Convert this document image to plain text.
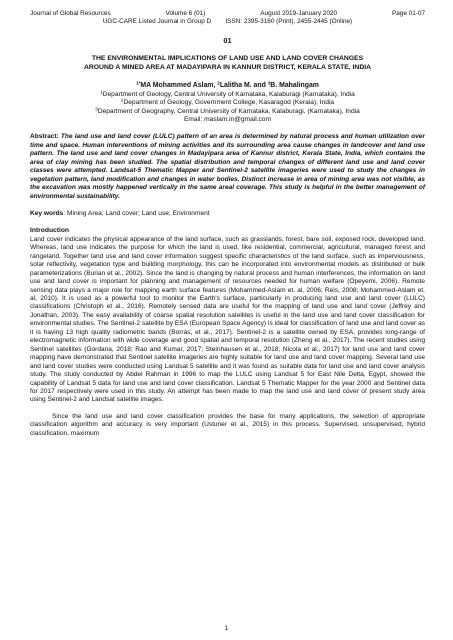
Journal of Global Resources	Volume 6 (01)	August 2019-January 2020	Page 01-07
UGC-CARE Listed Journal in Group D ISSN: 2395-3160 (Print), 2455-2445 (Online)
01
THE ENVIRONMENTAL IMPLICATIONS OF LAND USE AND LAND COVER CHANGES
AROUND A MINED AREA AT MADAYIPARA IN KANNUR DISTRICT, KERALA STATE, INDIA
$^{1*}$MA Mohammed Aslam, $^2$Lalitha M. and $^3$B. Mahalingam
$^1$Department of Geology, Central University of Karnataka, Kalaburagi (Karnataka), India
$^2$Department of Geology, Government College, Kasaragod (Kerala), India
$^3$Department of Geography, Central University of Karnataka, Kalaburagi, (Karnataka), India
Email: maslam.in@gmail.com
Abstract: The land use and land cover (LULC) pattern of an area is determined by natural process and human utilization over time and space. Human interventions of mining activities and its surrounding area cause changes in landcover and land use pattern. The land use and land cover changes in Madayipara area of Kannur district, Kerala State, India, which contains the area of clay mining has been studied. The spatial distribution and temporal changes of different land use and land cover classes were attempted. Landsat-5 Thematic Mapper and Sentinel-2 satellite imageries were used to study the changes in vegetation pattern, land modification and changes in water bodies. Distinct increase in area of mining area was not visible, as the excavation was mostly happened vertically in the same areal coverage. This study is helpful in the better management of environmental sustainability.
Key words: Mining Area; Land cover; Land use; Environment
Introduction
Land cover indicates the physical appearance of the land surface, such as grasslands, forest, bare soil, exposed rock, developed land. Whereas, land use indicates the purpose for which the land is used, like residential, commercial, agricultural, managed forest and rangeland. Together land use and land cover information suggest specific characteristics of the land surface, such as imperviousness, solar reflectivity, vegetation type and building morphology, this can be incorporated into environmental models as distributed or bulk parameterizations (Burian et al., 2002). Since the land is changing by natural process and human interferences, the information on land use and land cover is important for planning and management of resources needed for human welfare (Opeyemi, 2006). Remote sensing data plays a major role for mapping earth surface features (Mohammed-Aslam et. al, 2006; Reis, 2008; Mohammed-Aslam et. al, 2010). It is used as a powerful tool to monitor the Earth's surface, particularly in producing land use and land cover (LULC) classifications (Christoph et al., 2016). Remotely sensed data are useful for the mapping of land use and land cover (Jeffrey and Jonathan, 2003). The easy availability of coarse spatial resolution satellites is useful in the land use and land cover classification for environmental studies. The Sentinel-2 satellite by ESA (European Space Agency) is ideal for classification of land use and land cover as it is having 13 high quality radiometric bands (Borràs, et al., 2017). Sentinel-2 is a satellite owned by ESA, provides long-range of electromagnetic information with wide coverage and good spatial and temporal resolution (Zheng et al., 2017). The recent studies using Sentinel satellites (Gordana, 2018; Rao and Kumar, 2017; Steinhausen et al., 2018; Nicola et al., 2017) for land use and land cover mapping have demonstrated that Sentinel satellite imageries are highly suitable for land use and land cover mapping. Several land use and land cover studies were conducted using Landsat 5 satellite and it was found as suitable data for land use and land cover analysis study. The study conducted by Abdel Rahman in 1996 to map the LULC using Landsat 5 for East Nile Delta, Egypt, showed the capability of Landsat 5 data for land use and land cover classification. Landsat 5 Thematic Mapper for the year 2000 and Sentinel data for 2017 respectively were used in this study. An attempt has been made to map the land use and land cover of present study area using Sentinel-2 and Landsat satellite images.
Since the land use and land cover classification provides the base for many applications, the selection of appropriate classification algorithm and accuracy is very important (Ustuner et al., 2015) in this process. Supervised, unsupervised, hybrid classification, maximum
1
